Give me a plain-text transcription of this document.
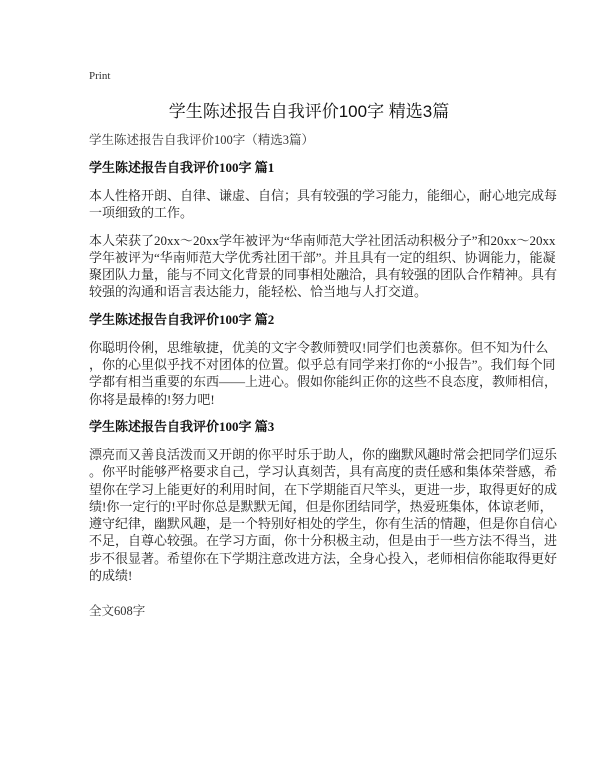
Print
学生陈述报告自我评价100字 精选3篇
学生陈述报告自我评价100字（精选3篇）
学生陈述报告自我评价100字 篇1
本人性格开朗、自律、谦虚、自信；具有较强的学习能力，能细心，耐心地完成每
一项细致的工作。
本人荣获了20xx～20xx学年被评为“华南师范大学社团活动积极分子”和20xx～20xx
学年被评为“华南师范大学优秀社团干部”。并且具有一定的组织、协调能力，能凝
聚团队力量，能与不同文化背景的同事相处融洽，具有较强的团队合作精神。具有
较强的沟通和语言表达能力，能轻松、恰当地与人打交道。
学生陈述报告自我评价100字 篇2
你聪明伶俐，思维敏捷，优美的文字令教师赞叹!同学们也羡慕你。但不知为什么
，你的心里似乎找不对团体的位置。似乎总有同学来打你的“小报告”。我们每个同
学都有相当重要的东西——上进心。假如你能纠正你的这些不良态度，教师相信，
你将是最棒的!努力吧!
学生陈述报告自我评价100字 篇3
漂亮而又善良活泼而又开朗的你平时乐于助人，你的幽默风趣时常会把同学们逗乐
。你平时能够严格要求自己，学习认真刻苦，具有高度的责任感和集体荣誉感，希
望你在学习上能更好的利用时间，在下学期能百尺竿头，更进一步，取得更好的成
绩!你一定行的!平时你总是默默无闻，但是你团结同学，热爱班集体，体谅老师，
遵守纪律，幽默风趣，是一个特别好相处的学生，你有生活的情趣，但是你自信心
不足，自尊心较强。在学习方面，你十分积极主动，但是由于一些方法不得当，进
步不很显著。希望你在下学期注意改进方法，全身心投入，老师相信你能取得更好
的成绩!
全文608字
